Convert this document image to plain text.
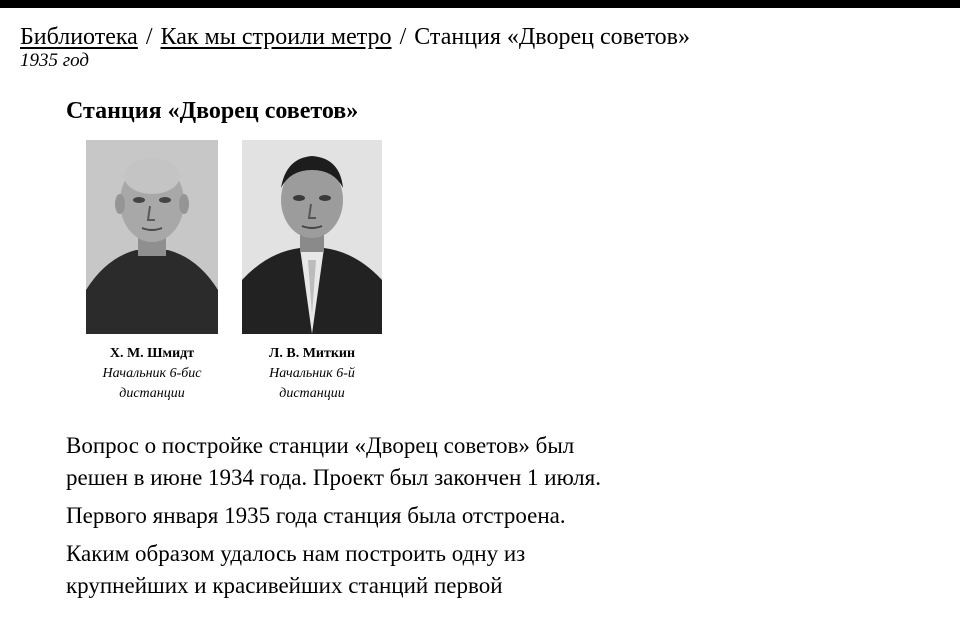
Библиотека / Как мы строили метро / Станция «Дворец советов»
1935 год
Станция «Дворец советов»
Х. М. Шмидт
Начальник 6-бис дистанции
Л. В. Миткин
Начальник 6-й дистанции

Вопрос о постройке станции «Дворец советов» был решен в июне 1934 года. Проект был закончен 1 июля.

Первого января 1935 года станция была отстроена.

Каким образом удалось нам построить одну из крупнейших и красивейших станций первой
